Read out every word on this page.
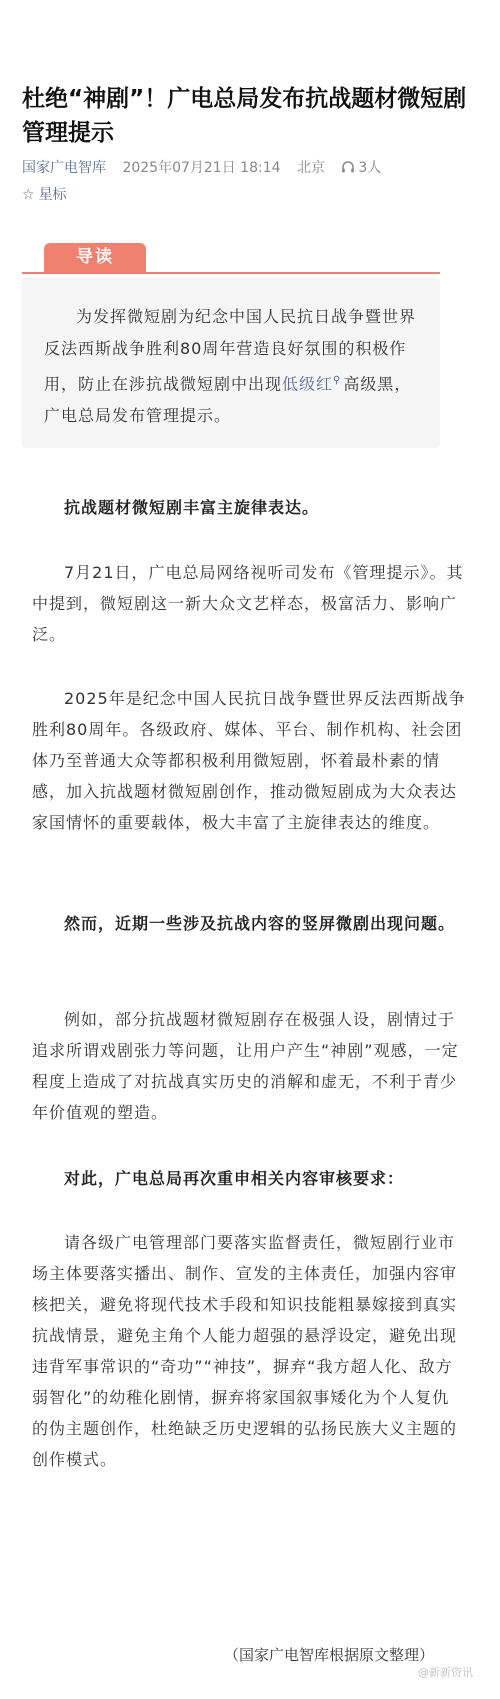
杜绝“神剧”！广电总局发布抗战题材微短剧管理提示
国家广电智库 2025年07月21日 18:14 北京 3人
☆ 星标
导读

为发挥微短剧为纪念中国人民抗日战争暨世界反法西斯战争胜利80周年营造良好氛围的积极作用，防止在涉抗战微短剧中出现低级红⚲ 高级黑，广电总局发布管理提示。

抗战题材微短剧丰富主旋律表达。

7月21日，广电总局网络视听司发布《管理提示》。其中提到，微短剧这一新大众文艺样态，极富活力、影响广泛。

2025年是纪念中国人民抗日战争暨世界反法西斯战争胜利80周年。各级政府、媒体、平台、制作机构、社会团体乃至普通大众等都积极利用微短剧，怀着最朴素的情感，加入抗战题材微短剧创作，推动微短剧成为大众表达家国情怀的重要载体，极大丰富了主旋律表达的维度。

然而，近期一些涉及抗战内容的竖屏微剧出现问题。

例如，部分抗战题材微短剧存在极强人设，剧情过于追求所谓戏剧张力等问题，让用户产生“神剧”观感，一定程度上造成了对抗战真实历史的消解和虚无，不利于青少年价值观的塑造。

对此，广电总局再次重申相关内容审核要求：

请各级广电管理部门要落实监督责任，微短剧行业市场主体要落实播出、制作、宣发的主体责任，加强内容审核把关，避免将现代技术手段和知识技能粗暴嫁接到真实抗战情景，避免主角个人能力超强的悬浮设定，避免出现违背军事常识的“奇功”“神技”，摒弃“我方超人化、敌方弱智化”的幼稚化剧情，摒弃将家国叙事矮化为个人复仇的伪主题创作，杜绝缺乏历史逻辑的弘扬民族大义主题的创作模式。

（国家广电智库根据原文整理）
@新新资讯
